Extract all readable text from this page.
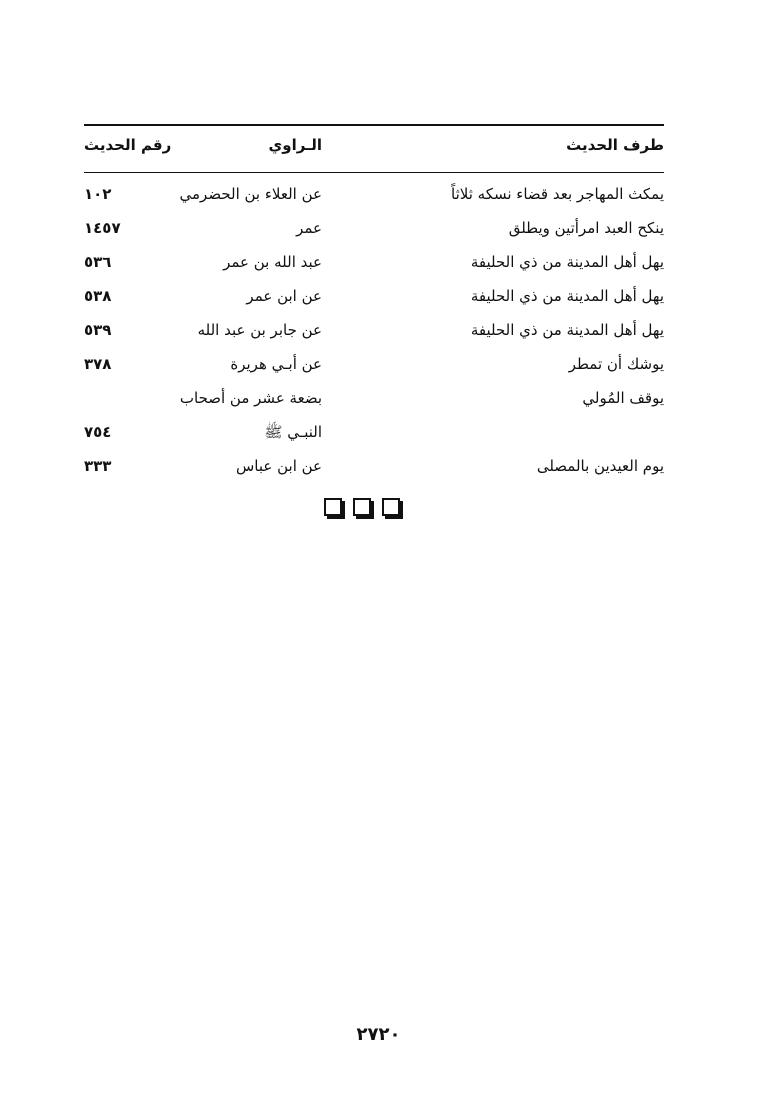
طرف الحديث
الـراوي
رقم الحديث
يمكث المهاجر بعد قضاء نسكه ثلاثاً
عن العلاء بن الحضرمي
١٠٢
ينكح العبد امرأتين ويطلق
عمر
١٤٥٧
يهل أهل المدينة من ذي الحليفة
عبد الله بن عمر
٥٣٦
يهل أهل المدينة من ذي الحليفة
عن ابن عمر
٥٣٨
يهل أهل المدينة من ذي الحليفة
عن جابر بن عبد الله
٥٣٩
يوشك أن تمطر
عن أبـي هريرة
٣٧٨
يوقف المُولي
بضعة عشر من أصحاب
النبـي ﷺ
٧٥٤
يوم العيدين بالمصلى
عن ابن عباس
٣٣٣
٢٧٢٠
